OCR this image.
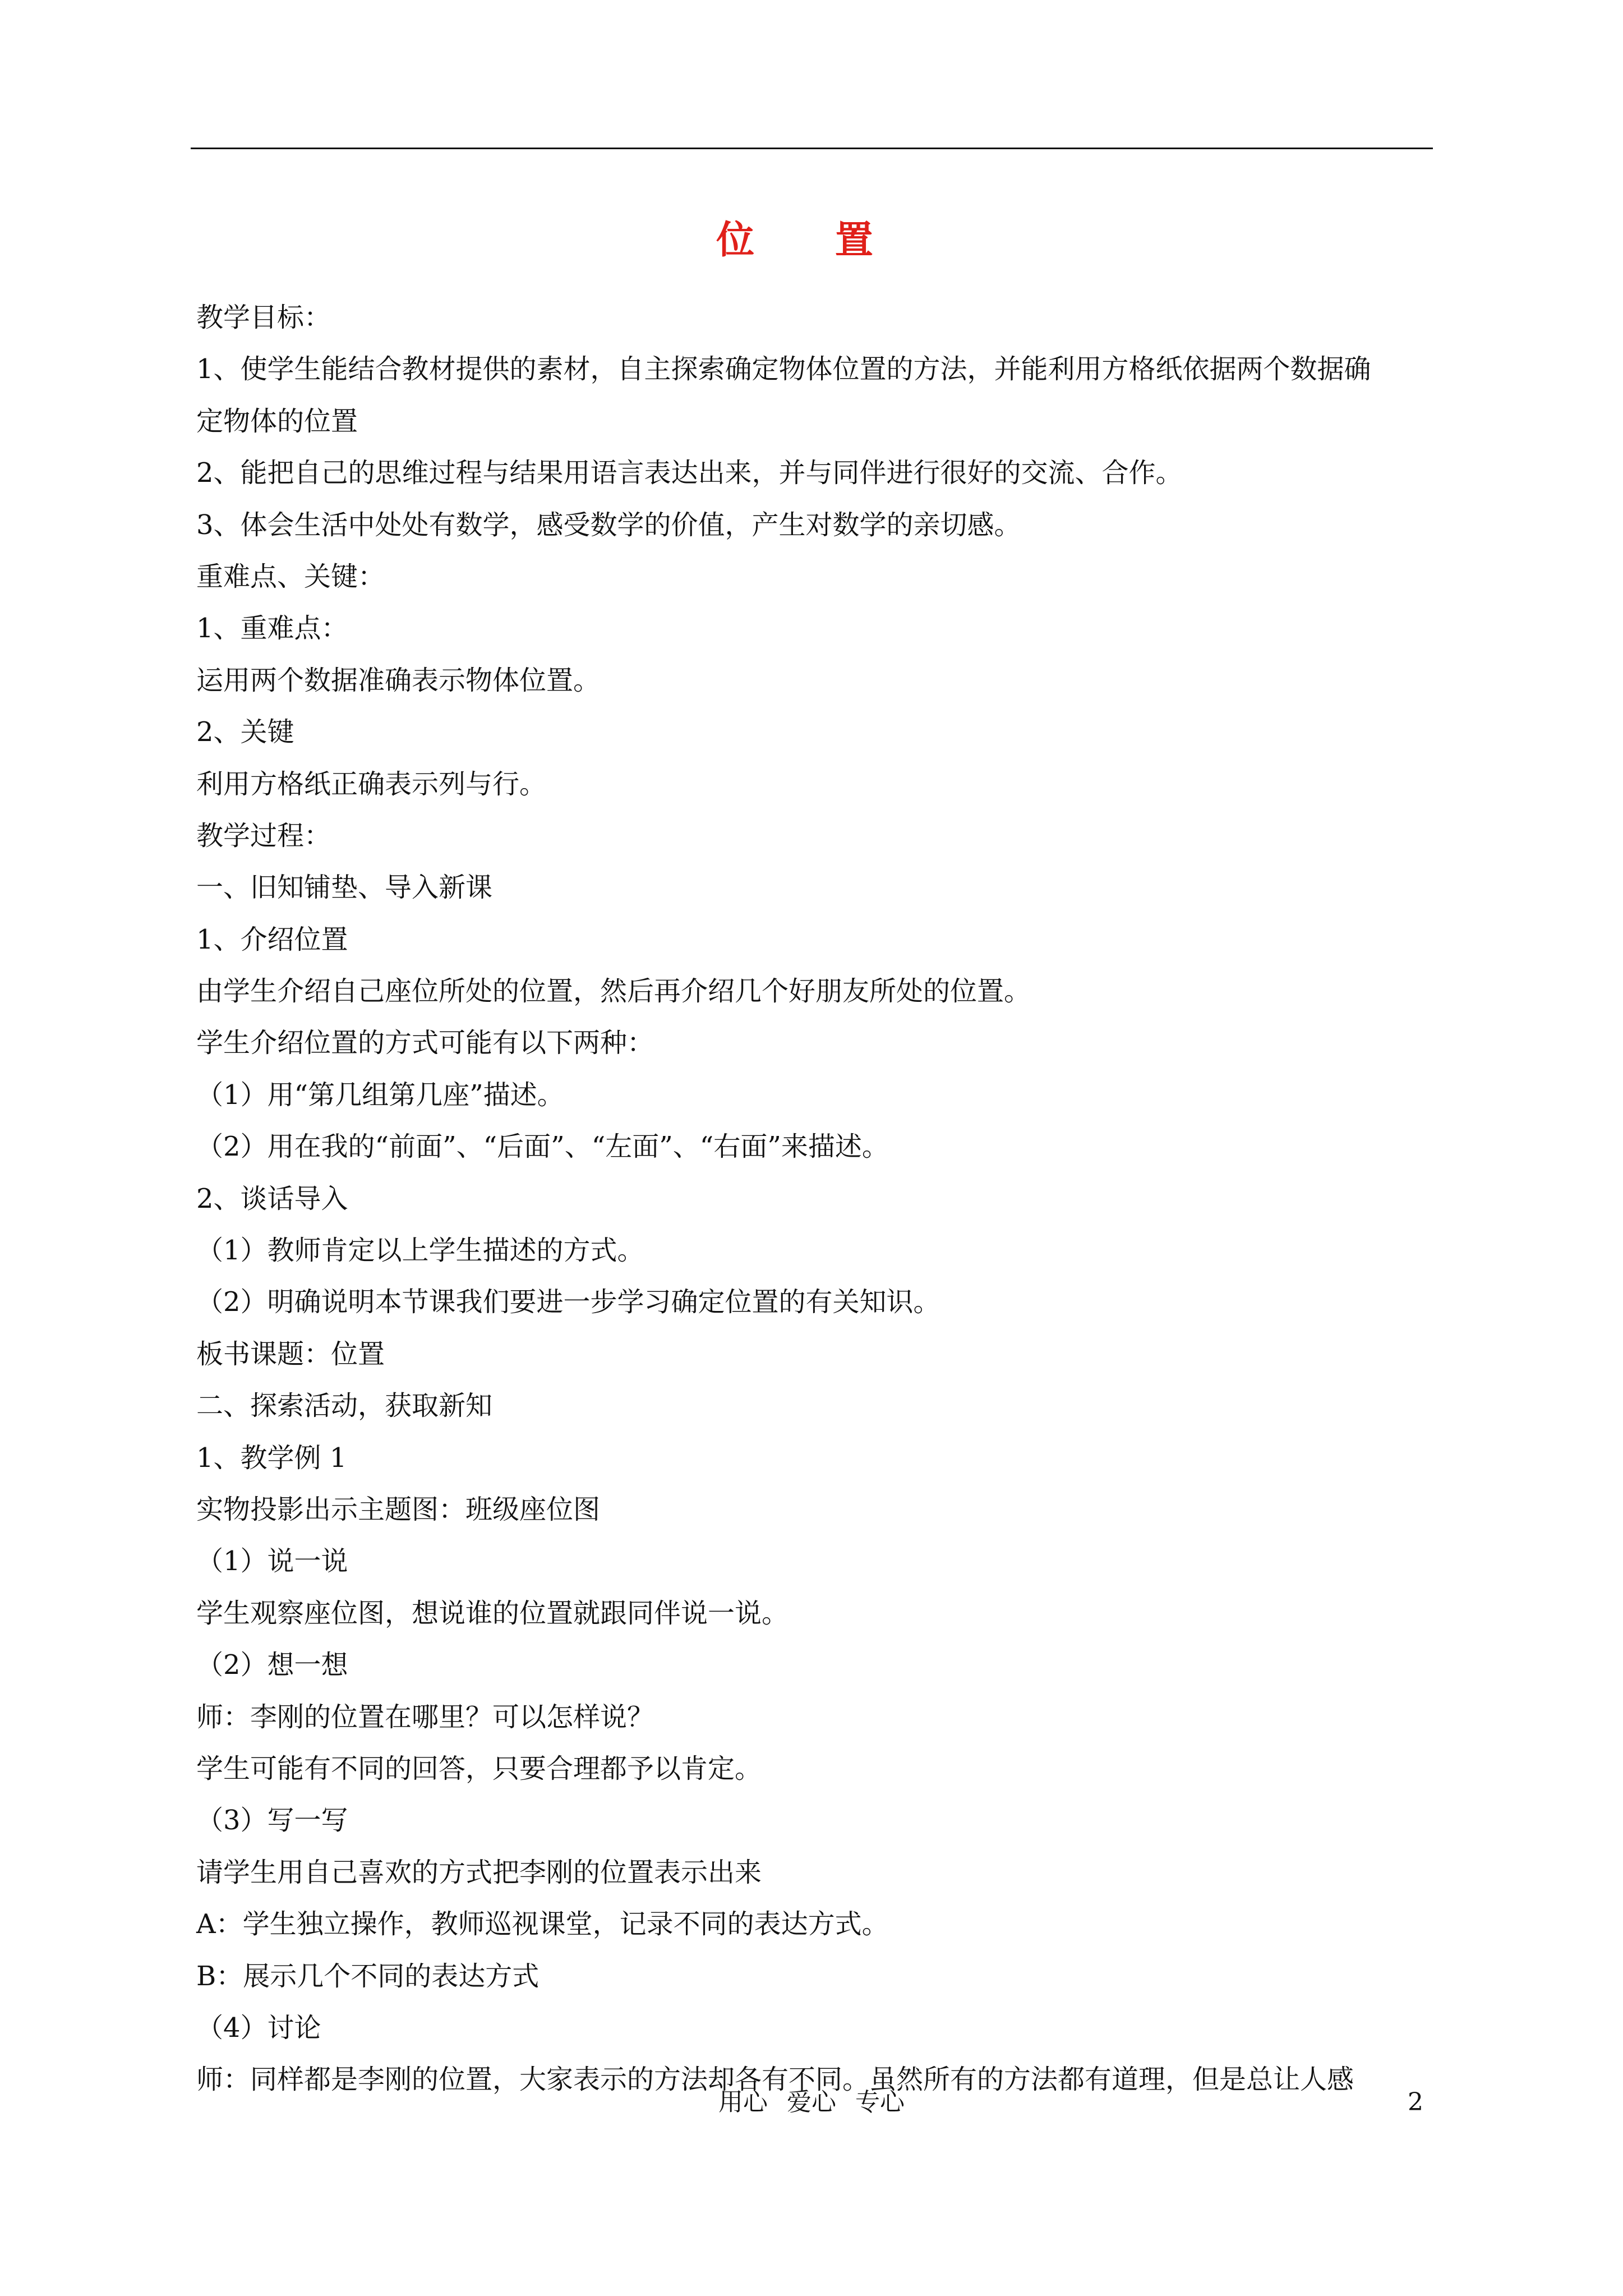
位 置
教学目标：
1、使学生能结合教材提供的素材，自主探索确定物体位置的方法，并能利用方格纸依据两个数据确
定物体的位置
2、能把自己的思维过程与结果用语言表达出来，并与同伴进行很好的交流、合作。
3、体会生活中处处有数学，感受数学的价值，产生对数学的亲切感。
重难点、关键：
1、重难点：
运用两个数据准确表示物体位置。
2、关键
利用方格纸正确表示列与行。
教学过程：
一、旧知铺垫、导入新课
1、介绍位置
由学生介绍自己座位所处的位置，然后再介绍几个好朋友所处的位置。
学生介绍位置的方式可能有以下两种：
（1）用“第几组第几座”描述。
（2）用在我的“前面”、“后面”、“左面”、“右面”来描述。
2、谈话导入
（1）教师肯定以上学生描述的方式。
（2）明确说明本节课我们要进一步学习确定位置的有关知识。
板书课题：位置
二、探索活动，获取新知
1、教学例 1
实物投影出示主题图：班级座位图
（1）说一说
学生观察座位图，想说谁的位置就跟同伴说一说。
（2）想一想
师：李刚的位置在哪里？可以怎样说？
学生可能有不同的回答，只要合理都予以肯定。
（3）写一写
请学生用自己喜欢的方式把李刚的位置表示出来
A：学生独立操作，教师巡视课堂，记录不同的表达方式。
B：展示几个不同的表达方式
（4）讨论
师：同样都是李刚的位置，大家表示的方法却各有不同。虽然所有的方法都有道理，但是总让人感
用心 爱心 专心	2
